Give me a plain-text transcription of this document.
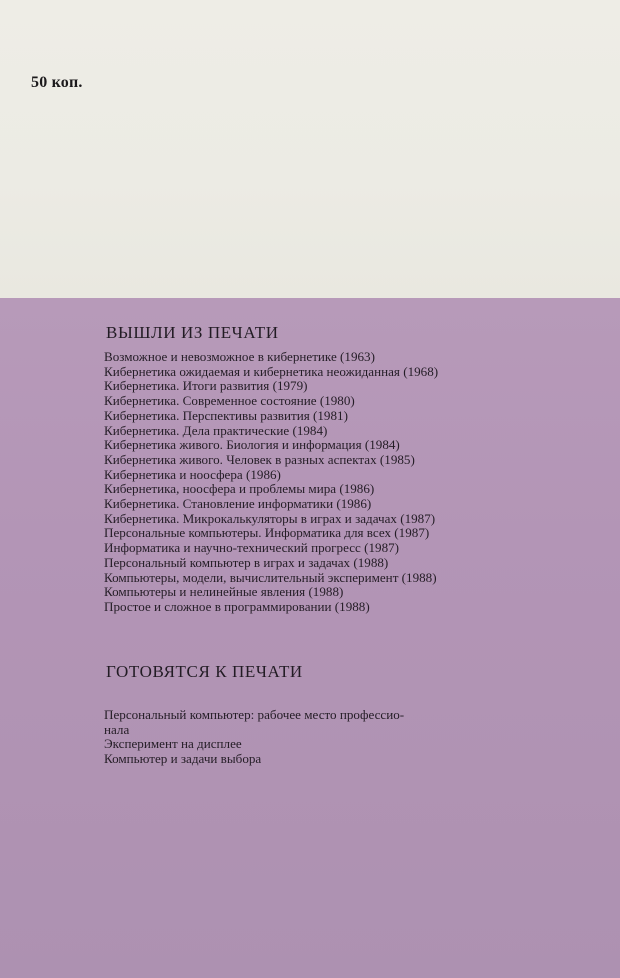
50 коп.
ВЫШЛИ ИЗ ПЕЧАТИ
Возможное и невозможное в кибернетике (1963)
Кибернетика ожидаемая и кибернетика неожиданная (1968)
Кибернетика. Итоги развития (1979)
Кибернетика. Современное состояние (1980)
Кибернетика. Перспективы развития (1981)
Кибернетика. Дела практические (1984)
Кибернетика живого. Биология и информация (1984)
Кибернетика живого. Человек в разных аспектах (1985)
Кибернетика и ноосфера (1986)
Кибернетика, ноосфера и проблемы мира (1986)
Кибернетика. Становление информатики (1986)
Кибернетика. Микрокалькуляторы в играх и задачах (1987)
Персональные компьютеры. Информатика для всех (1987)
Информатика и научно-технический прогресс (1987)
Персональный компьютер в играх и задачах (1988)
Компьютеры, модели, вычислительный эксперимент (1988)
Компьютеры и нелинейные явления (1988)
Простое и сложное в программировании (1988)
ГОТОВЯТСЯ К ПЕЧАТИ
Персональный компьютер: рабочее место профессио-
нала
Эксперимент на дисплее
Компьютер и задачи выбора
